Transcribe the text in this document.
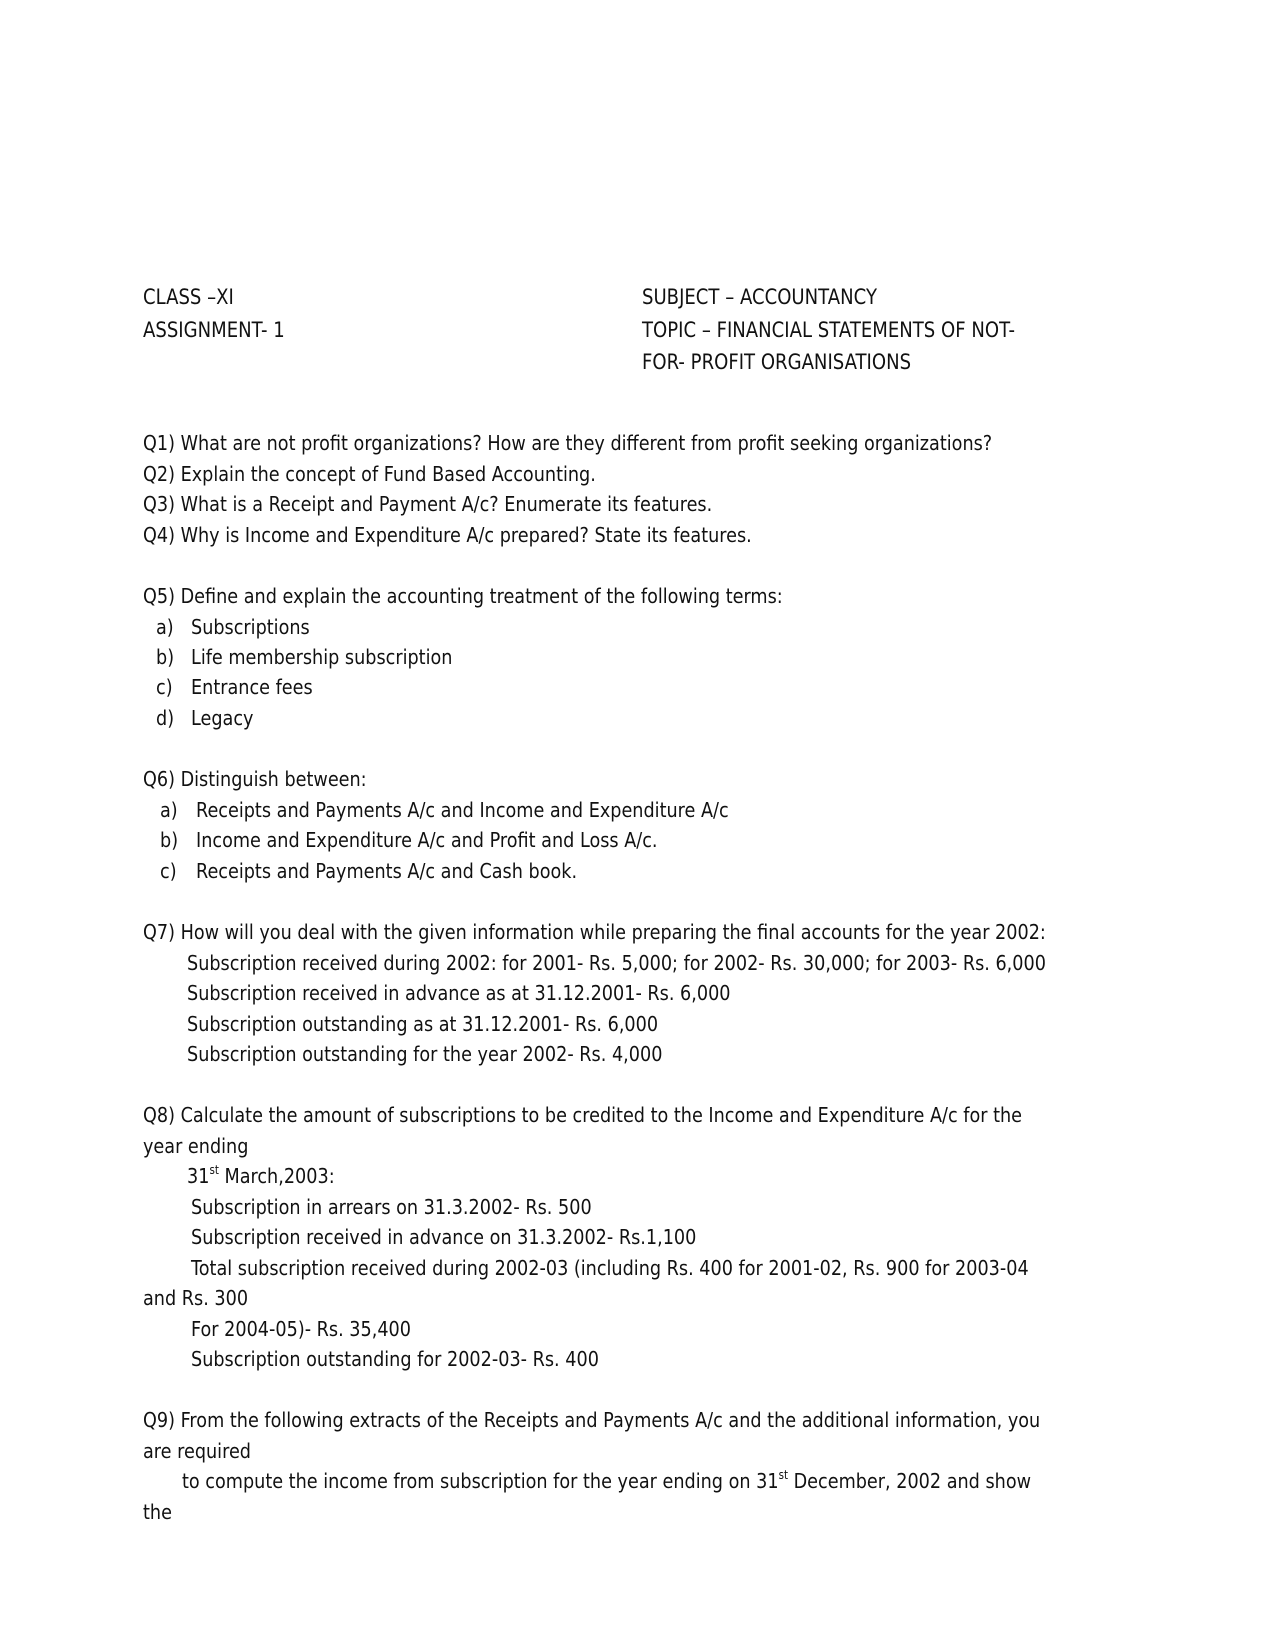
CLASS –XI
ASSIGNMENT- 1
SUBJECT – ACCOUNTANCY
TOPIC – FINANCIAL STATEMENTS OF NOT-
FOR- PROFIT ORGANISATIONS
Q1) What are not profit organizations? How are they different from profit seeking organizations?
Q2) Explain the concept of Fund Based Accounting.
Q3) What is a Receipt and Payment A/c? Enumerate its features.
Q4) Why is Income and Expenditure A/c prepared? State its features.
Q5) Define and explain the accounting treatment of the following terms:
a) Subscriptions
b) Life membership subscription
c) Entrance fees
d) Legacy
Q6) Distinguish between:
a) Receipts and Payments A/c and Income and Expenditure A/c
b) Income and Expenditure A/c and Profit and Loss A/c.
c) Receipts and Payments A/c and Cash book.
Q7) How will you deal with the given information while preparing the final accounts for the year 2002:
Subscription received during 2002: for 2001- Rs. 5,000; for 2002- Rs. 30,000; for 2003- Rs. 6,000
Subscription received in advance as at 31.12.2001- Rs. 6,000
Subscription outstanding as at 31.12.2001- Rs. 6,000
Subscription outstanding for the year 2002- Rs. 4,000
Q8) Calculate the amount of subscriptions to be credited to the Income and Expenditure A/c for the
year ending
31st March,2003:
Subscription in arrears on 31.3.2002- Rs. 500
Subscription received in advance on 31.3.2002- Rs.1,100
Total subscription received during 2002-03 (including Rs. 400 for 2001-02, Rs. 900 for 2003-04
and Rs. 300
For 2004-05)- Rs. 35,400
Subscription outstanding for 2002-03- Rs. 400
Q9) From the following extracts of the Receipts and Payments A/c and the additional information, you
are required
to compute the income from subscription for the year ending on 31st December, 2002 and show
the
